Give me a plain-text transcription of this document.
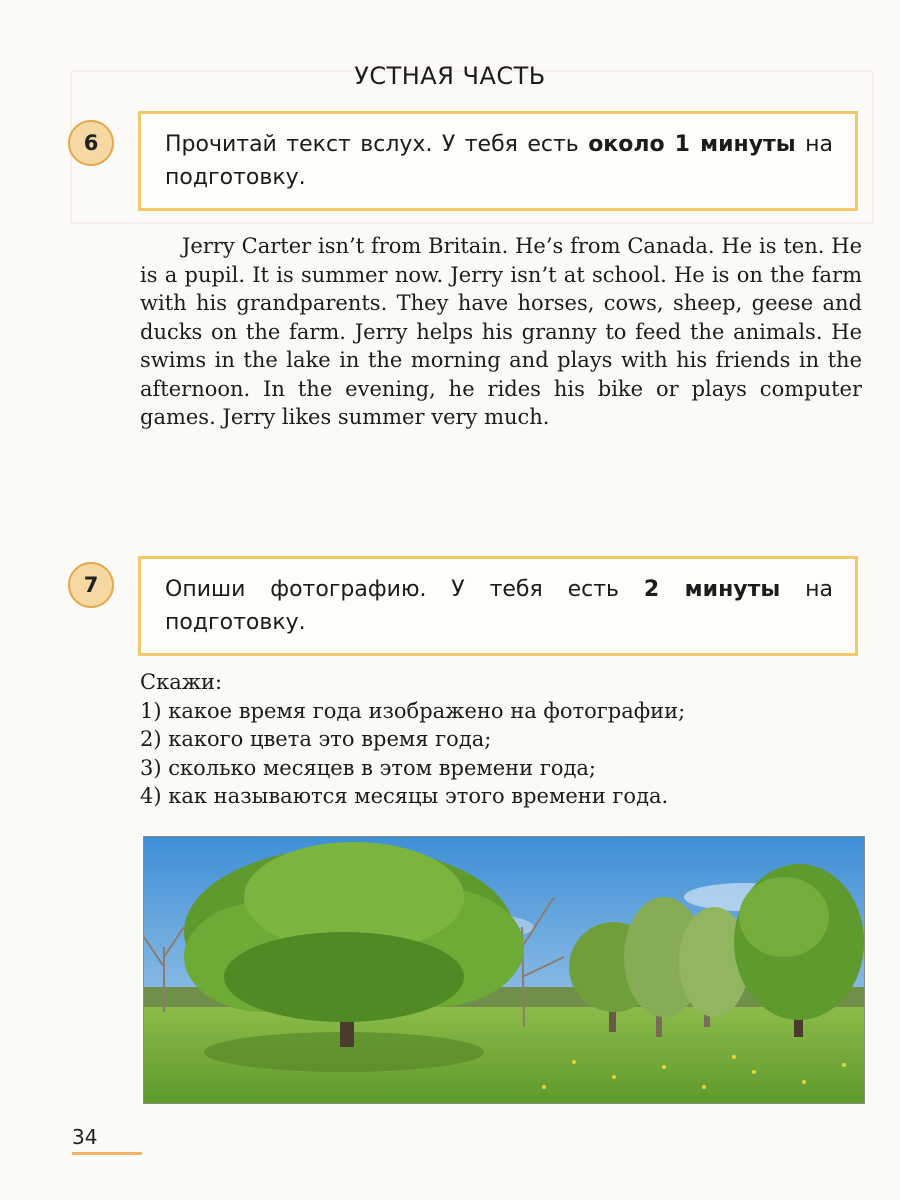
УСТНАЯ ЧАСТЬ
6	Прочитай текст вслух. У тебя есть около 1 минуты на подготовку.
Jerry Carter isn’t from Britain. He’s from Canada. He is ten. He is a pupil. It is summer now. Jerry isn’t at school. He is on the farm with his grandparents. They have horses, cows, sheep, geese and ducks on the farm. Jerry helps his granny to feed the animals. He swims in the lake in the morning and plays with his friends in the afternoon. In the evening, he rides his bike or plays computer games. Jerry likes summer very much.
7	Опиши фотографию. У тебя есть 2 минуты на подготовку.
Скажи:
1) какое время года изображено на фотографии;
2) какого цвета это время года;
3) сколько месяцев в этом времени года;
4) как называются месяцы этого времени года.
34
